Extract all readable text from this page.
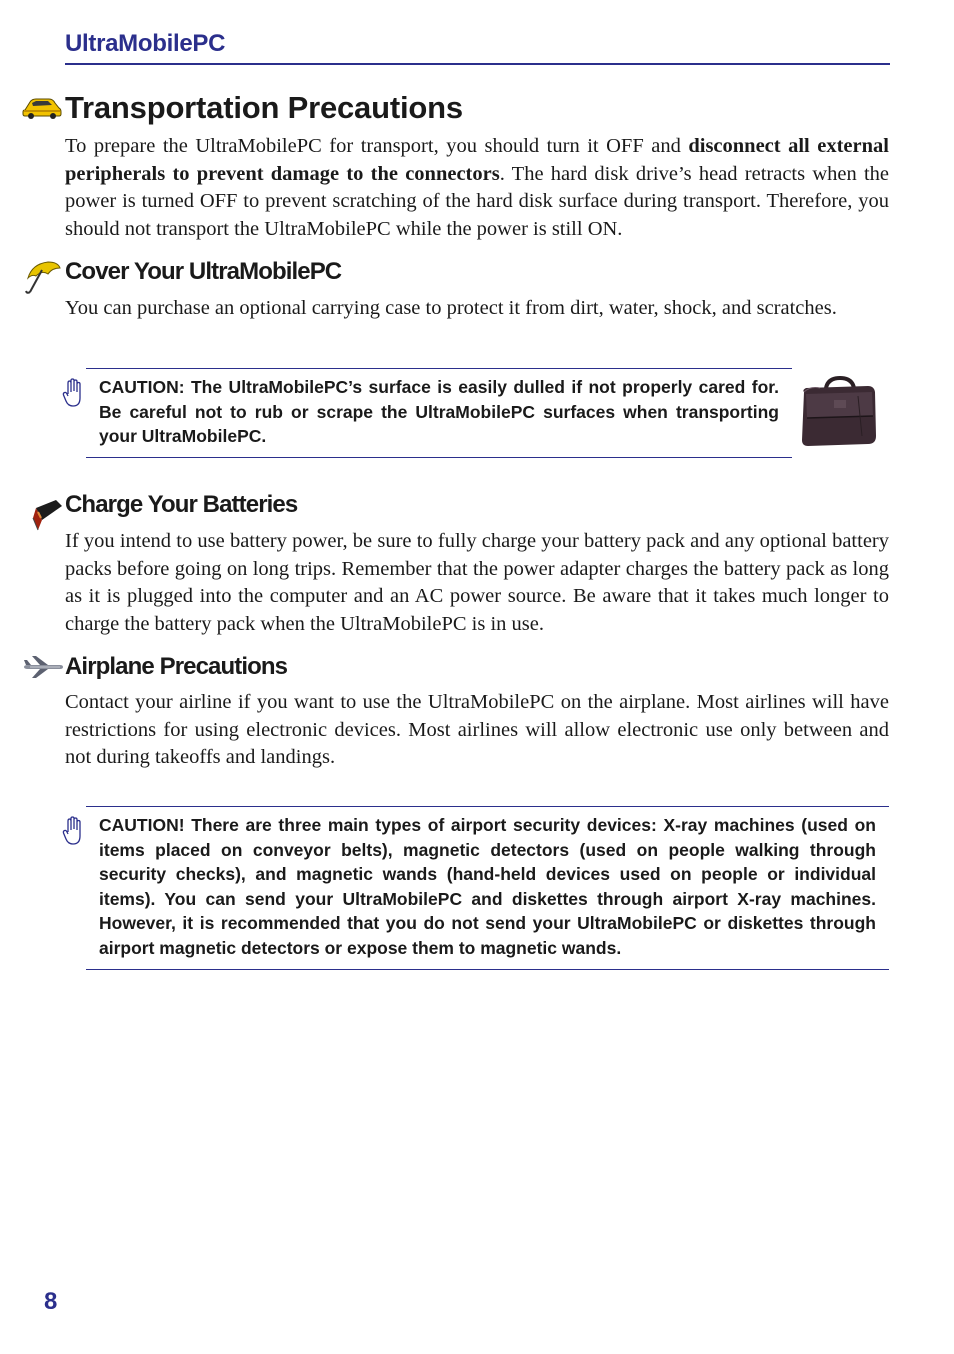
UltraMobilePC
Transportation Precautions

To prepare the UltraMobilePC for transport, you should turn it OFF and disconnect all external peripherals to prevent damage to the connectors. The hard disk drive’s head retracts when the power is turned OFF to prevent scratching of the hard disk surface during transport. Therefore, you should not transport the UltraMobilePC while the power is still ON.

Cover Your UltraMobilePC

You can purchase an optional carrying case to protect it from dirt, water, shock, and scratches.

CAUTION: The UltraMobilePC’s surface is easily dulled if not properly cared for. Be careful not to rub or scrape the UltraMobilePC surfaces when transporting your UltraMobilePC.

Charge Your Batteries

If you intend to use battery power, be sure to fully charge your battery pack and any optional battery packs before going on long trips. Remember that the power adapter charges the battery pack as long as it is plugged into the computer and an AC power source. Be aware that it takes much longer to charge the battery pack when the UltraMobilePC is in use.

Airplane Precautions

Contact your airline if you want to use the UltraMobilePC on the airplane. Most airlines will have restrictions for using electronic devices. Most airlines will allow electronic use only between and not during takeoffs and landings.

CAUTION! There are three main types of airport security devices: X-ray machines (used on items placed on conveyor belts), magnetic detectors (used on people walking through security checks), and magnetic wands (hand-held devices used on people or individual items). You can send your UltraMobilePC and diskettes through airport X-ray machines. However, it is recommended that you do not send your UltraMobilePC or diskettes through airport magnetic detectors or expose them to magnetic wands.

8
